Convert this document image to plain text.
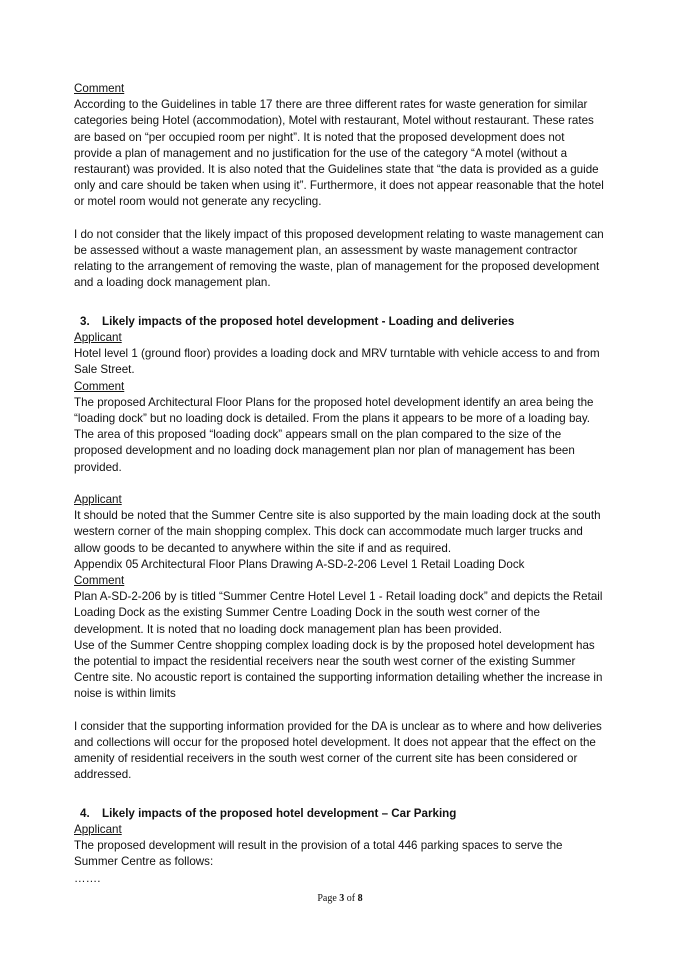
Comment

According to the Guidelines in table 17 there are three different rates for waste generation for similar categories being Hotel (accommodation), Motel with restaurant, Motel without restaurant. These rates are based on “per occupied room per night”. It is noted that the proposed development does not provide a plan of management and no justification for the use of the category “A motel (without a restaurant) was provided. It is also noted that the Guidelines state that “the data is provided as a guide only and care should be taken when using it”. Furthermore, it does not appear reasonable that the hotel or motel room would not generate any recycling.

I do not consider that the likely impact of this proposed development relating to waste management can be assessed without a waste management plan, an assessment by waste management contractor relating to the arrangement of removing the waste, plan of management for the proposed development and a loading dock management plan.

3. Likely impacts of the proposed hotel development - Loading and deliveries

Applicant

Hotel level 1 (ground floor) provides a loading dock and MRV turntable with vehicle access to and from Sale Street.

Comment

The proposed Architectural Floor Plans for the proposed hotel development identify an area being the “loading dock” but no loading dock is detailed. From the plans it appears to be more of a loading bay. The area of this proposed “loading dock” appears small on the plan compared to the size of the proposed development and no loading dock management plan nor plan of management has been provided.

Applicant

It should be noted that the Summer Centre site is also supported by the main loading dock at the south western corner of the main shopping complex. This dock can accommodate much larger trucks and allow goods to be decanted to anywhere within the site if and as required.

Appendix 05 Architectural Floor Plans Drawing A-SD-2-206 Level 1 Retail Loading Dock

Comment

Plan A-SD-2-206 by is titled “Summer Centre Hotel Level 1 - Retail loading dock” and depicts the Retail Loading Dock as the existing Summer Centre Loading Dock in the south west corner of the development. It is noted that no loading dock management plan has been provided.

Use of the Summer Centre shopping complex loading dock is by the proposed hotel development has the potential to impact the residential receivers near the south west corner of the existing Summer Centre site. No acoustic report is contained the supporting information detailing whether the increase in noise is within limits

I consider that the supporting information provided for the DA is unclear as to where and how deliveries and collections will occur for the proposed hotel development. It does not appear that the effect on the amenity of residential receivers in the south west corner of the current site has been considered or addressed.

4. Likely impacts of the proposed hotel development – Car Parking

Applicant

The proposed development will result in the provision of a total 446 parking spaces to serve the Summer Centre as follows:

…….

Page 3 of 8
